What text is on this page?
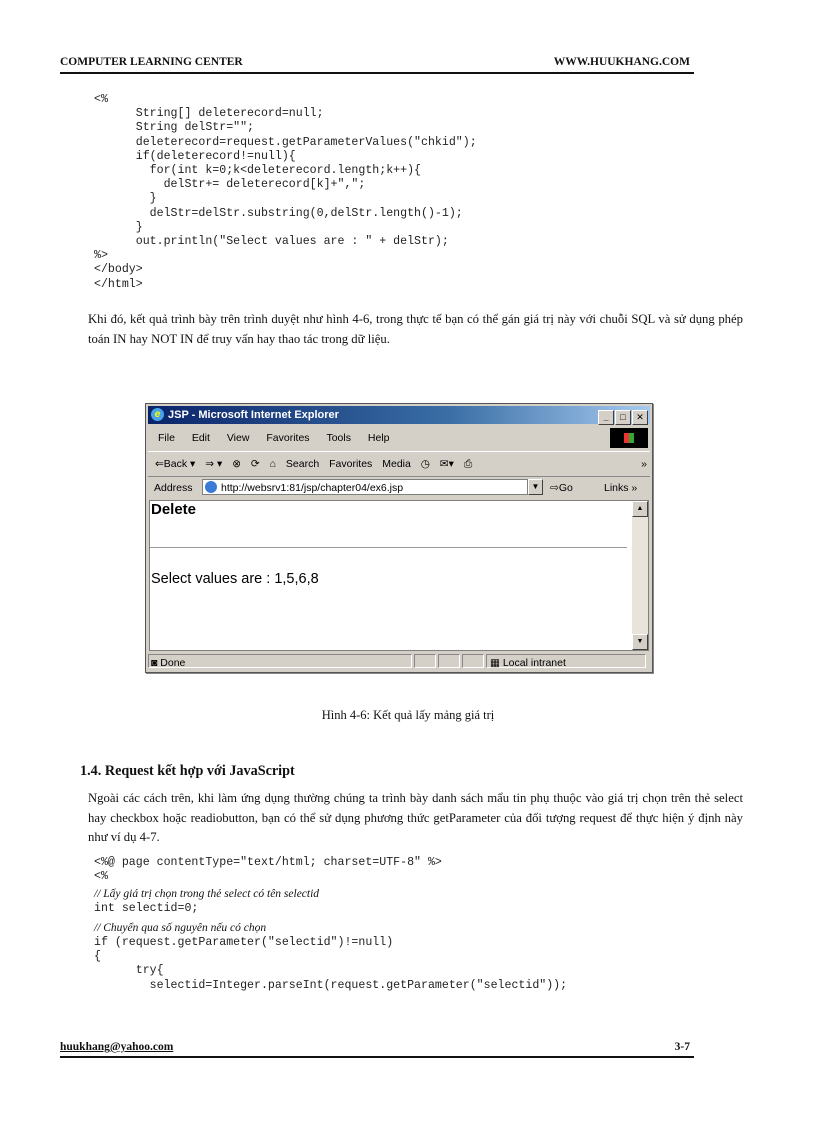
COMPUTER LEARNING CENTER	WWW.HUUKHANG.COM
<%
String[] deleterecord=null;
String delStr="";
deleterecord=request.getParameterValues("chkid");
if(deleterecord!=null){
for(int k=0;k<deleterecord.length;k++){
delStr+= deleterecord[k]+",";
}
delStr=delStr.substring(0,delStr.length()-1);
}
out.println("Select values are : " + delStr);
%>
</body>
</html>
Khi đó, kết quả trình bày trên trình duyệt như hình 4-6, trong thực tế bạn có thể gán giá trị này với chuỗi SQL và sử dụng phép toán IN hay NOT IN để truy vấn hay thao tác trong dữ liệu.
e JSP - Microsoft Internet Explorer	_ □ ✕
File Edit View Favorites Tools Help
⇐Back ▾ ⇒ ▾ ⊗ ⟳ ⌂ Search Favorites Media ◷ ✉▾ ⎙	»
Address	http://websrv1:81/jsp/chapter04/ex6.jsp	▼	⇨Go	Links »
Delete
Select values are : 1,5,6,8
▲
▼
◙ Done	▦ Local intranet
Hình 4-6: Kết quả lấy mảng giá trị
1.4. Request kết hợp với JavaScript
Ngoài các cách trên, khi làm ứng dụng thường chúng ta trình bày danh sách mẩu tin phụ thuộc vào giá trị chọn trên thẻ select hay checkbox hoặc readiobutton, bạn có thể sử dụng phương thức getParameter của đối tượng request để thực hiện ý định này như ví dụ 4-7.
<%@ page contentType="text/html; charset=UTF-8" %>
<%
// Lấy giá trị chọn trong thẻ select có tên selectid
int selectid=0;
// Chuyển qua số nguyên nếu có chọn
if (request.getParameter("selectid")!=null)
{
try{
selectid=Integer.parseInt(request.getParameter("selectid"));
huukhang@yahoo.com	3-7
